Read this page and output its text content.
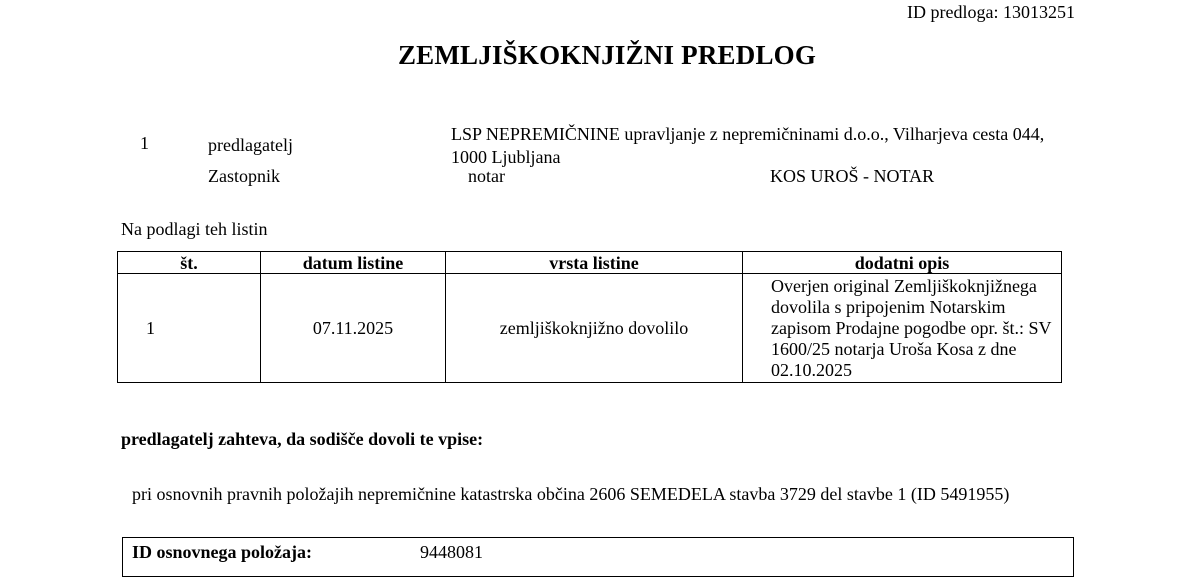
ID predloga: 13013251
ZEMLJIŠKOKNJIŽNI PREDLOG
1	predlagatelj
LSP NEPREMIČNINE upravljanje z nepremičninami d.o.o., Vilharjeva cesta 044, 1000 Ljubljana
Zastopnik	notar	KOS UROŠ - NOTAR
Na podlagi teh listin
št.	datum listine	vrsta listine	dodatni opis
1	07.11.2025	zemljiškoknjižno dovolilo	Overjen original Zemljiškoknjižnega dovolila s pripojenim Notarskim zapisom Prodajne pogodbe opr. št.: SV 1600/25 notarja Uroša Kosa z dne 02.10.2025
predlagatelj zahteva, da sodišče dovoli te vpise:
pri osnovnih pravnih položajih nepremičnine katastrska občina 2606 SEMEDELA stavba 3729 del stavbe 1 (ID 5491955)
ID osnovnega položaja:	9448081
